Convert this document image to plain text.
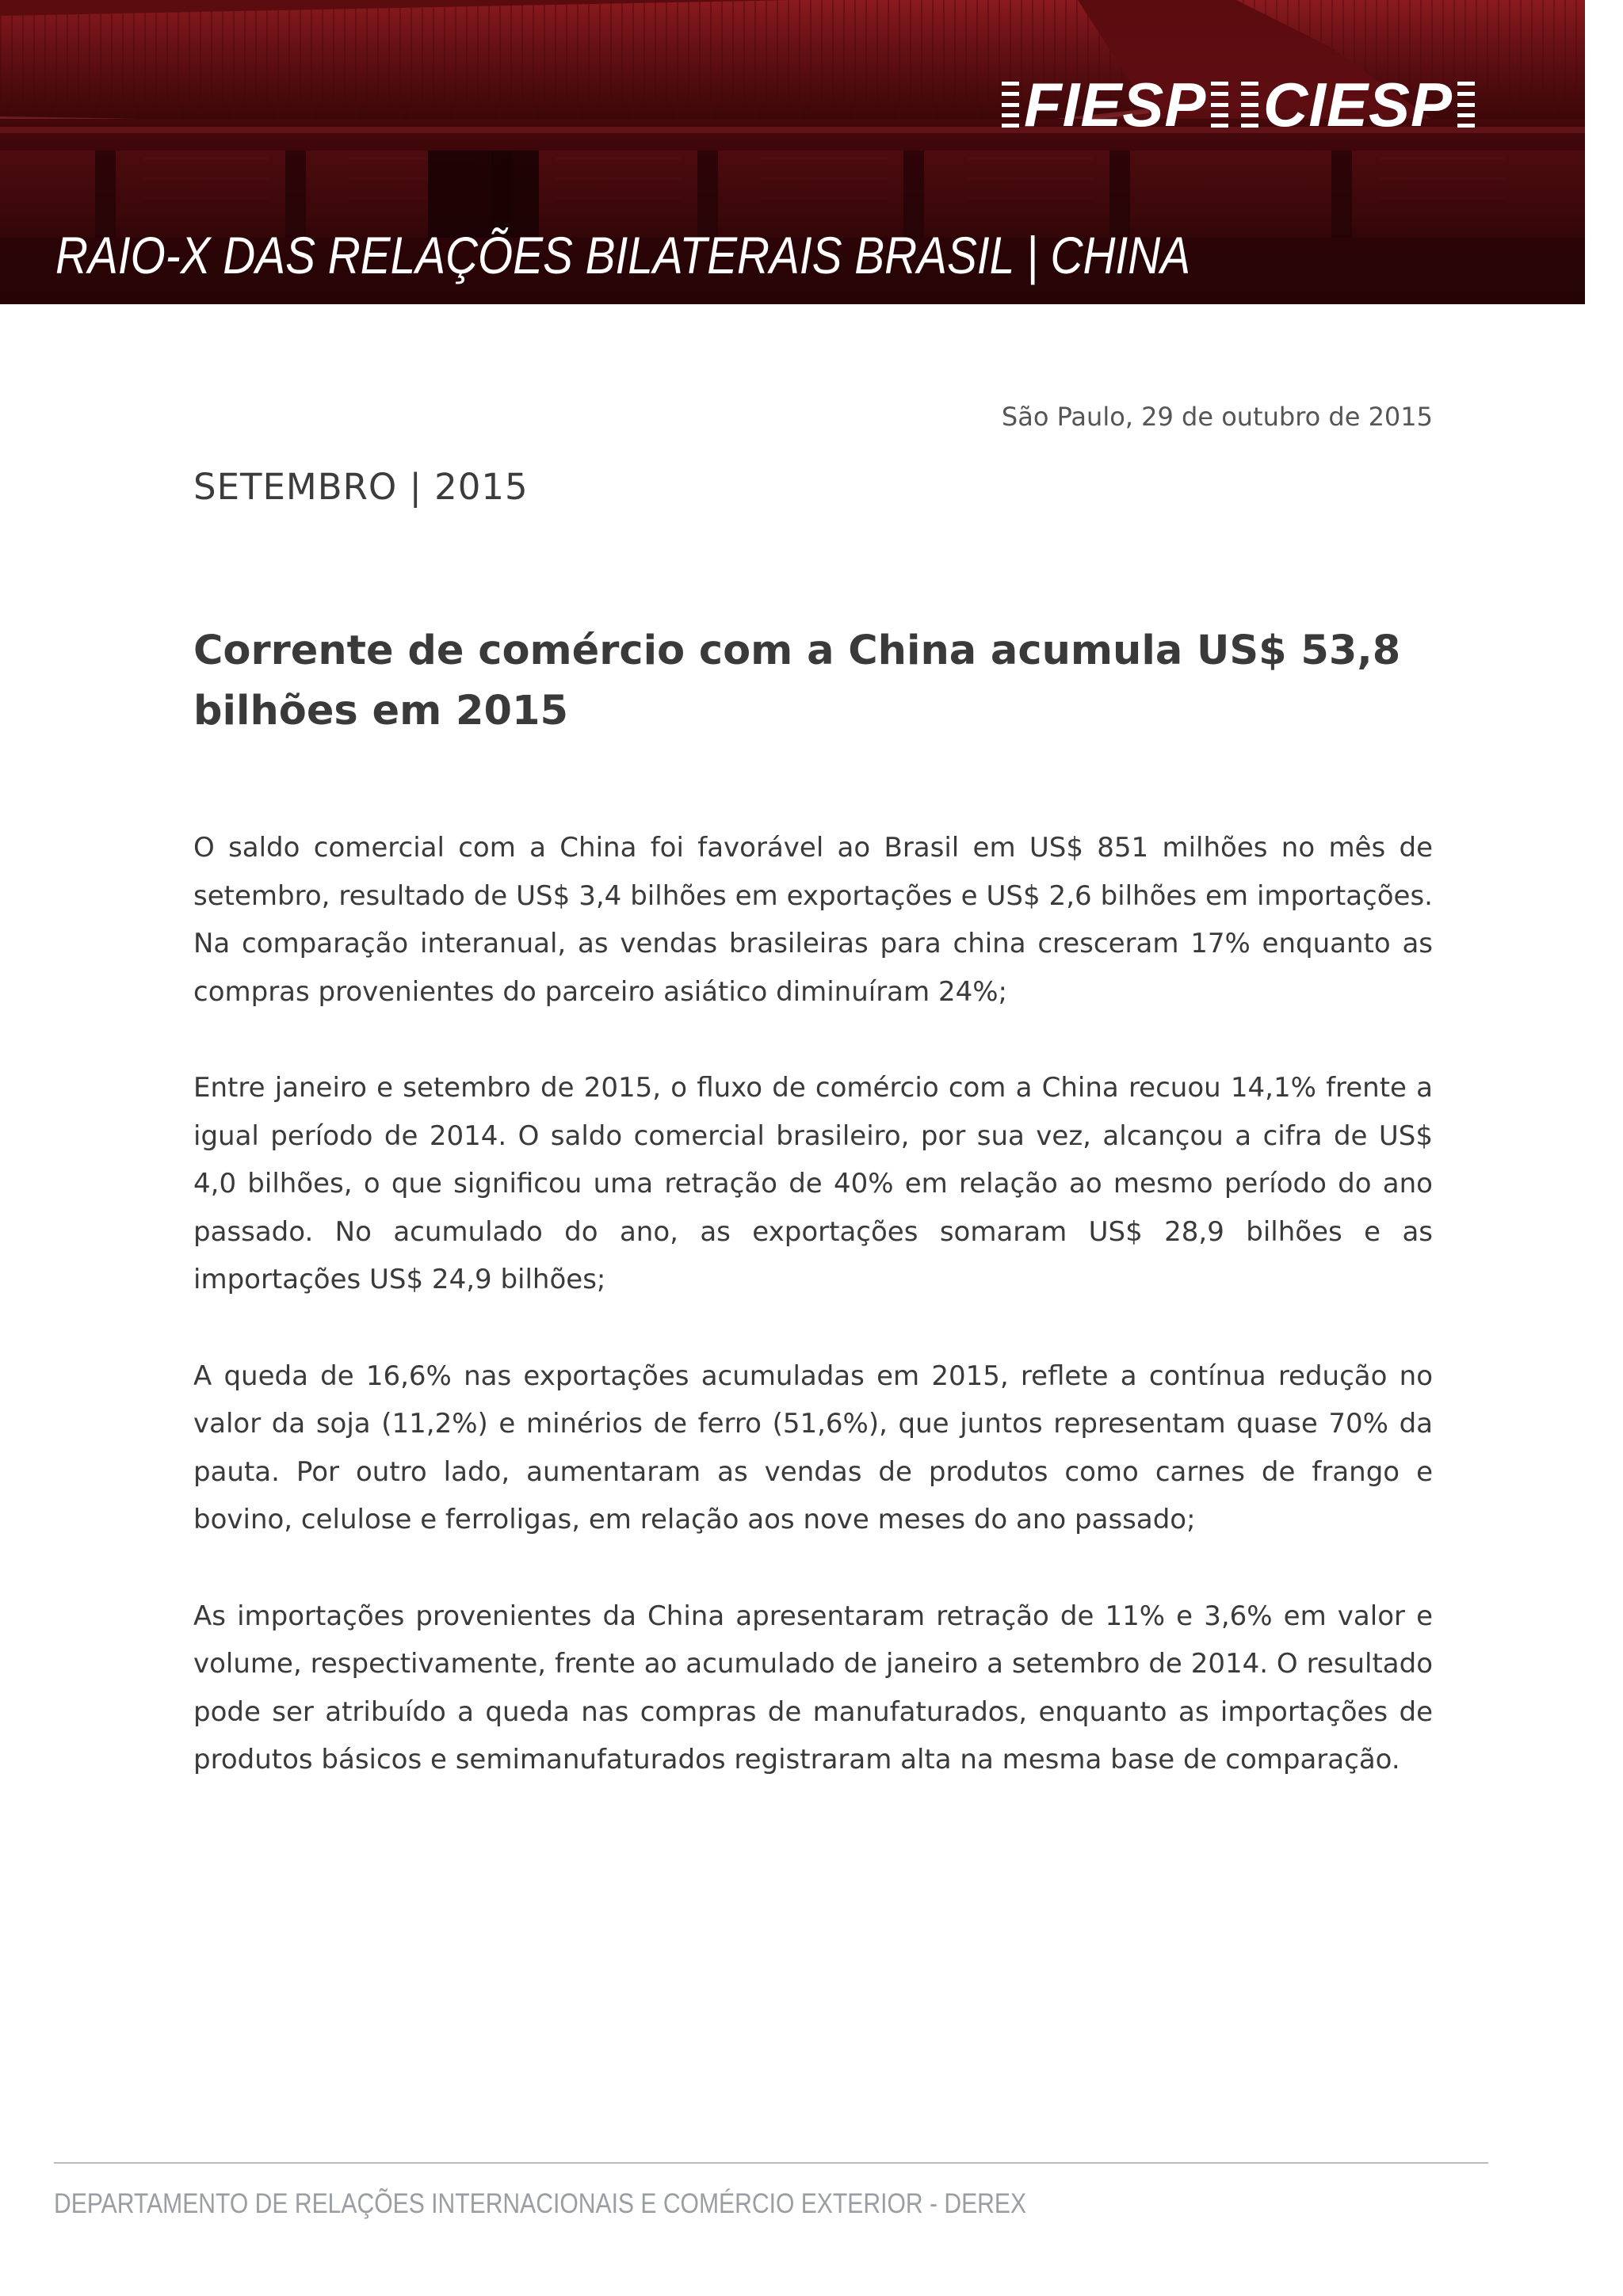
FIESP CIESP
RAIO-X DAS RELAÇÕES BILATERAIS BRASIL | CHINA
São Paulo, 29 de outubro de 2015
SETEMBRO | 2015
Corrente de comércio com a China acumula US$ 53,8 bilhões em 2015

O saldo comercial com a China foi favorável ao Brasil em US$ 851 milhões no mês de setembro, resultado de US$ 3,4 bilhões em exportações e US$ 2,6 bilhões em importações. Na comparação interanual, as vendas brasileiras para china cresceram 17% enquanto as compras provenientes do parceiro asiático diminuíram 24%;

Entre janeiro e setembro de 2015, o fluxo de comércio com a China recuou 14,1% frente a igual período de 2014. O saldo comercial brasileiro, por sua vez, alcançou a cifra de US$ 4,0 bilhões, o que significou uma retração de 40% em relação ao mesmo período do ano passado. No acumulado do ano, as exportações somaram US$ 28,9 bilhões e as importações US$ 24,9 bilhões;

A queda de 16,6% nas exportações acumuladas em 2015, reflete a contínua redução no valor da soja (11,2%) e minérios de ferro (51,6%), que juntos representam quase 70% da pauta. Por outro lado, aumentaram as vendas de produtos como carnes de frango e bovino, celulose e ferroligas, em relação aos nove meses do ano passado;

As importações provenientes da China apresentaram retração de 11% e 3,6% em valor e volume, respectivamente, frente ao acumulado de janeiro a setembro de 2014. O resultado pode ser atribuído a queda nas compras de manufaturados, enquanto as importações de produtos básicos e semimanufaturados registraram alta na mesma base de comparação.

DEPARTAMENTO DE RELAÇÕES INTERNACIONAIS E COMÉRCIO EXTERIOR - DEREX
